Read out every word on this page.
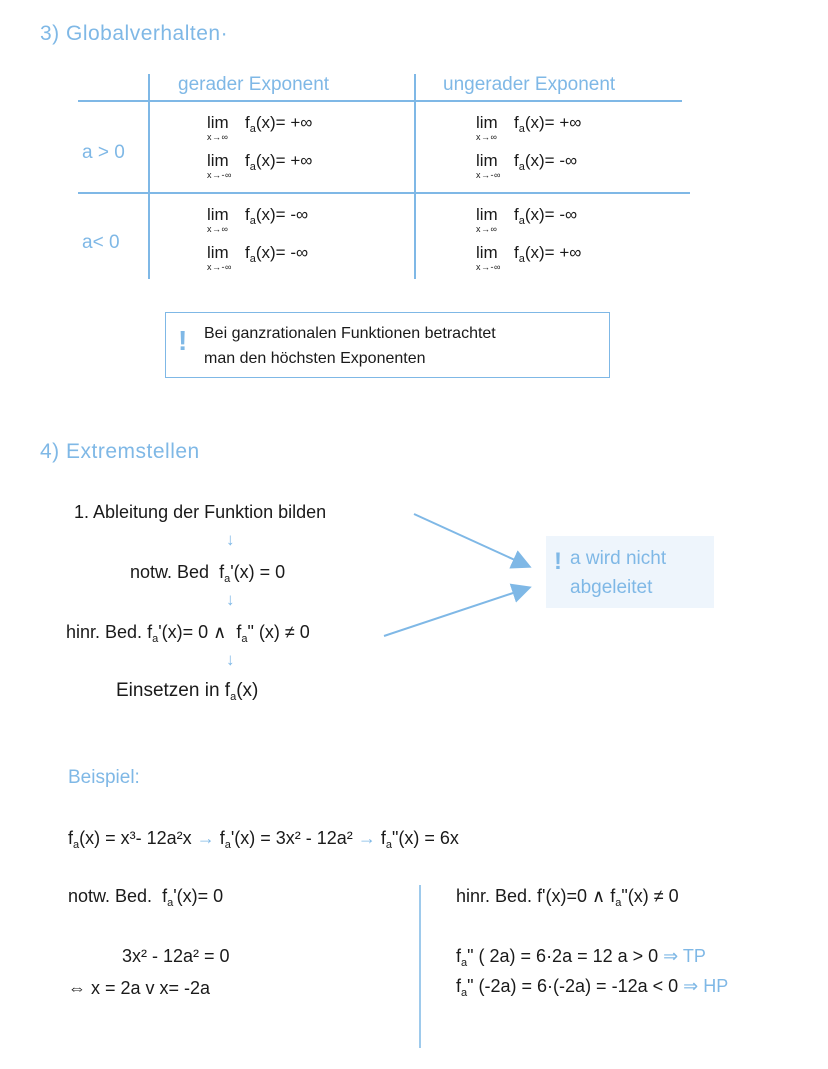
3) Globalverhalten·
gerader Exponent	ungerader Exponent
a > 0
a< 0
lim
x→∞
$f_a(x)=$ +∞
lim
x→-∞
$f_a(x)=$ +∞
lim
x→∞
$f_a(x)=$ +∞
lim
x→-∞
$f_a(x)=$ -∞
lim
x→∞
$f_a(x)=$ -∞
lim
x→-∞
$f_a(x)=$ -∞
lim
x→∞
$f_a(x)=$ -∞
lim
x→-∞
$f_a(x)=$ +∞
! Bei ganzrationalen Funktionen betrachtet
man den höchsten Exponenten
4) Extremstellen
1. Ableitung der Funktion bilden
↓
notw. Bed  $f_a'(x) = 0$
↓
hinr. Bed. $f_a'(x)= 0$ ∧  $f_a$" (x) ≠ 0
↓
Einsetzen in $f_a(x)$
! a wird nicht
abgeleitet
Beispiel:
$f_a(x) = x^3-$ $12a^2x \to f_a'(x) = 3x^2 - 12a^2$ → $f_a"(x) = 6x$
notw. Bed.  $f_a'(x)= 0$
3x² - 12a² = 0
⇔ x = 2a v x= -2a
hinr. Bed. f'(x)=0 ∧ $f_a"(x) \ne 0$
$f_a$" ( 2a) = 6·2a = 12 a > 0 ⇒ TP
$f_a$" (-2a) = 6·(-2a) = -12a < 0 ⇒ HP
